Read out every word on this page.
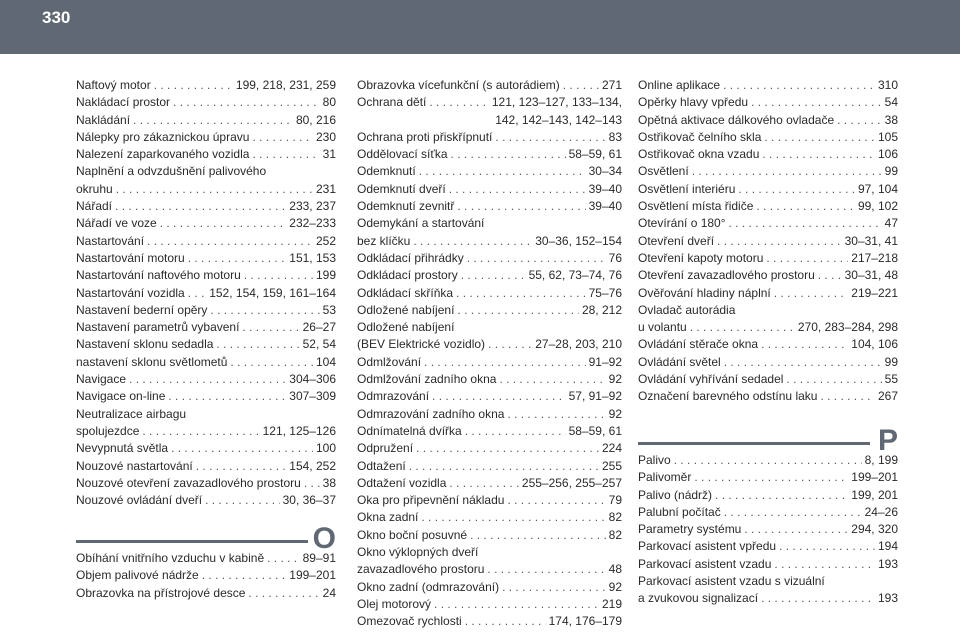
330
Naftový motor . . .	199, 218, 231, 259
Nakládací prostor . . .	80
Nakládání . . .	80, 216
Nálepky pro zákaznickou úpravu . . .	230
Nalezení zaparkovaného vozidla . . .	31
Naplnění a odvzdušnění palivového
okruhu . . .	231
Nářadí . . .	233, 237
Nářadí ve voze . . .	232–233
Nastartování . . .	252
Nastartování motoru . . .	151, 153
Nastartování naftového motoru . . .	199
Nastartování vozidla . . . 152, 154, 159, 161–164
Nastavení bederní opěry . . .	53
Nastavení parametrů vybavení . . .	26–27
Nastavení sklonu sedadla . . .	52, 54
nastavení sklonu světlometů . . .	104
Navigace . . .	304–306
Navigace on-line . . .	307–309
Neutralizace airbagu
spolujezdce . . .	121, 125–126
Nevypnutá světla . . .	100
Nouzové nastartování . . .	154, 252
Nouzové otevření zavazadlového prostoru . . . 38
Nouzové ovládání dveří . . .	30, 36–37
Obrazovka vícefunkční (s autorádiem) . . .	271
Ochrana dětí . . .	121, 123–127, 133–134,
142, 142–143, 142–143
Ochrana proti přiskřípnutí . . .	83
Oddělovací síťka . . .	58–59, 61
Odemknutí . . .	30–34
Odemknutí dveří . . .	39–40
Odemknutí zevnitř . . .	39–40
Odemykání a startování
bez klíčku . . .	30–36, 152–154
Odkládací přihrádky . . .	76
Odkládací prostory . . .	55, 62, 73–74, 76
Odkládací skříňka . . .	75–76
Odložené nabíjení . . .	28, 212
Odložené nabíjení
(BEV Elektrické vozidlo) . . .	27–28, 203, 210
Odmlžování . . .	91–92
Odmlžování zadního okna . . .	92
Odmrazování . . .	57, 91–92
Odmrazování zadního okna . . .	92
Odnímatelná dvířka . . .	58–59, 61
Odpružení . . .	224
Odtažení . . .	255
Odtažení vozidla . . .	255–256, 255–257
Oka pro připevnění nákladu . . .	79
Okna zadní . . .	82
Okno boční posuvné . . .	82
Okno výklopných dveří
zavazadlového prostoru . . .	48
Okno zadní (odmrazování) . . .	92
Olej motorový . . .	219
Omezovač rychlosti . . .	174, 176–179
Online aplikace . . .	310
Opěrky hlavy vpředu . . .	54
Opětná aktivace dálkového ovladače . . .	38
Ostřikovač čelního skla . . .	105
Ostřikovač okna vzadu . . .	106
Osvětlení . . .	99
Osvětlení interiéru . . .	97, 104
Osvětlení místa řidiče . . .	99, 102
Otevírání o 180° . . .	47
Otevření dveří . . .	30–31, 41
Otevření kapoty motoru . . .	217–218
Otevření zavazadlového prostoru . . . 30–31, 48
Ověřování hladiny náplní . . .	219–221
Ovladač autorádia
u volantu . . .	270, 283–284, 298
Ovládání stěrače okna . . .	104, 106
Ovládání světel . . .	99
Ovládání vyhřívání sedadel . . .	55
Označení barevného odstínu laku . . .	267
O
Obíhání vnitřního vzduchu v kabině . . .	89–91
Objem palivové nádrže . . .	199–201
Obrazovka na přístrojové desce . . .	24
P
Palivo . . .	8, 199
Palivoměr . . .	199–201
Palivo (nádrž) . . .	199, 201
Palubní počítač . . .	24–26
Parametry systému . . .	294, 320
Parkovací asistent vpředu . . .	194
Parkovací asistent vzadu . . .	193
Parkovací asistent vzadu s vizuální
a zvukovou signalizací . . .	193
